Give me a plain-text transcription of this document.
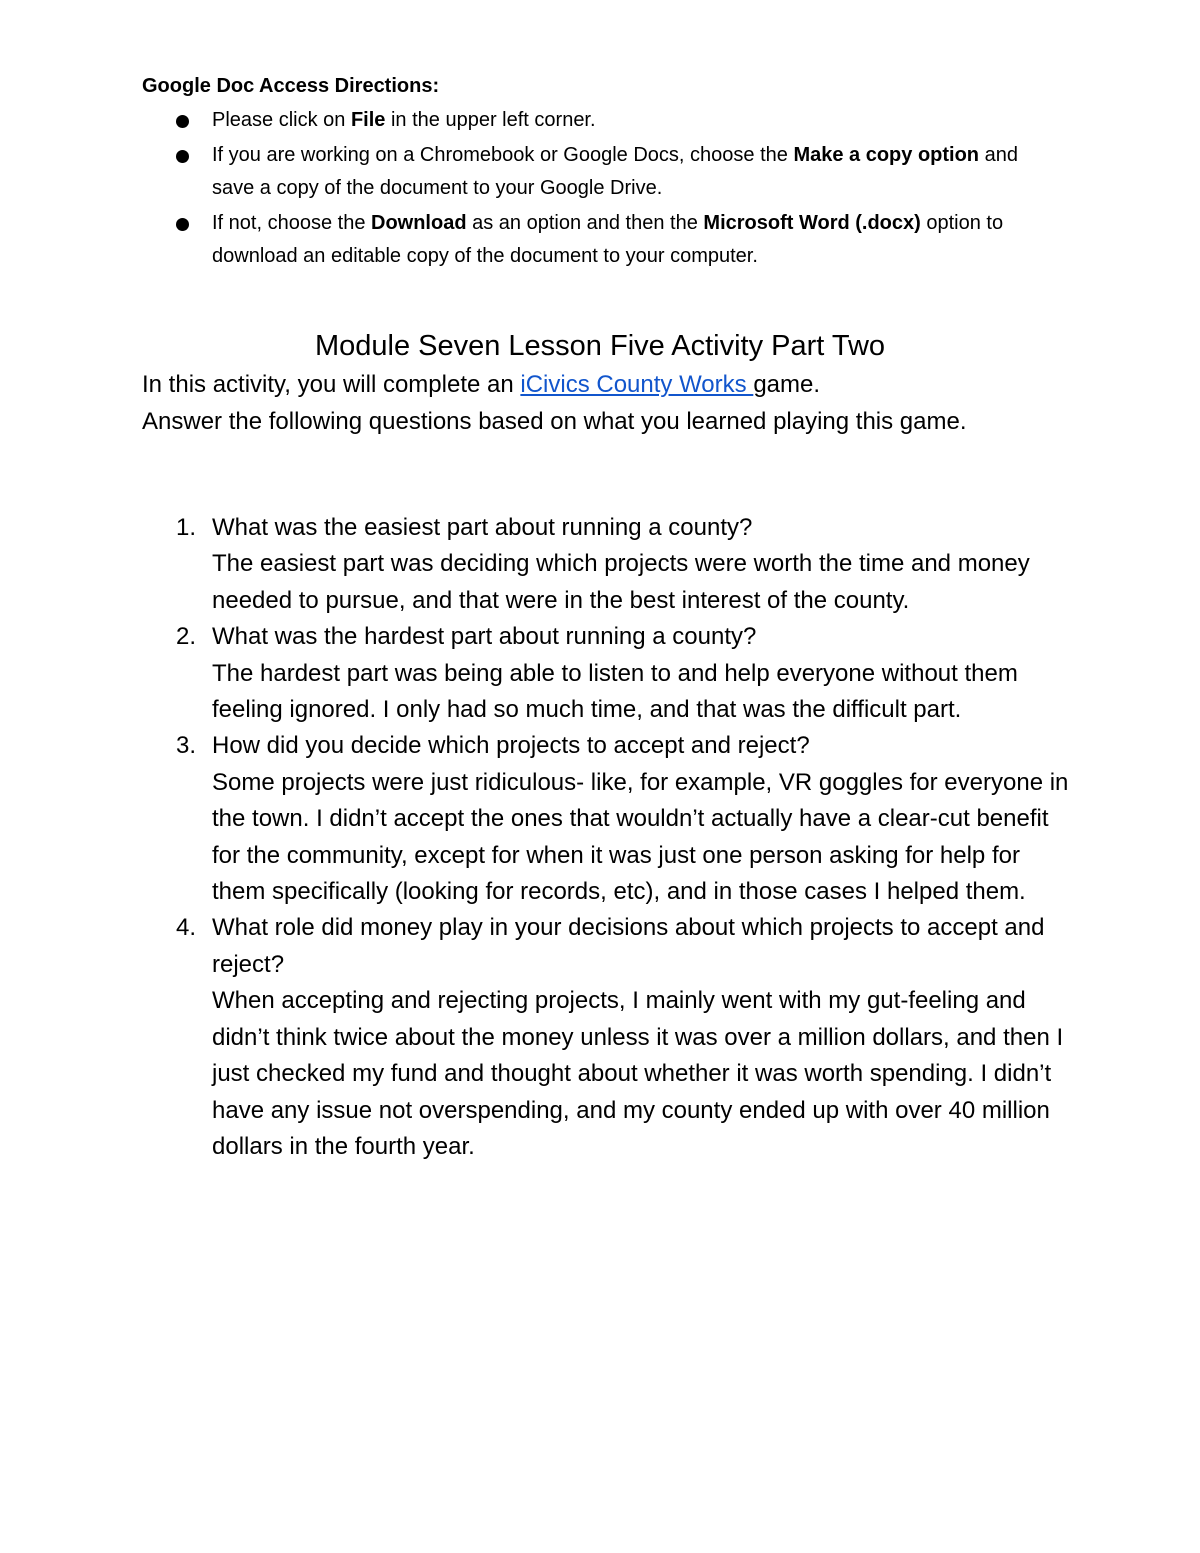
Google Doc Access Directions:
Please click on File in the upper left corner.
If you are working on a Chromebook or Google Docs, choose the Make a copy option and save a copy of the document to your Google Drive.
If not, choose the Download as an option and then the Microsoft Word (.docx) option to download an editable copy of the document to your computer.
Module Seven Lesson Five Activity Part Two

In this activity, you will complete an iCivics County Works game.

Answer the following questions based on what you learned playing this game.

1. What was the easiest part about running a county?
The easiest part was deciding which projects were worth the time and money needed to pursue, and that were in the best interest of the county.
2. What was the hardest part about running a county?
The hardest part was being able to listen to and help everyone without them feeling ignored. I only had so much time, and that was the difficult part.
3. How did you decide which projects to accept and reject?
Some projects were just ridiculous- like, for example, VR goggles for everyone in the town. I didn’t accept the ones that wouldn’t actually have a clear-cut benefit for the community, except for when it was just one person asking for help for them specifically (looking for records, etc), and in those cases I helped them.
4. What role did money play in your decisions about which projects to accept and reject?
When accepting and rejecting projects, I mainly went with my gut-feeling and didn’t think twice about the money unless it was over a million dollars, and then I just checked my fund and thought about whether it was worth spending. I didn’t have any issue not overspending, and my county ended up with over 40 million dollars in the fourth year.
